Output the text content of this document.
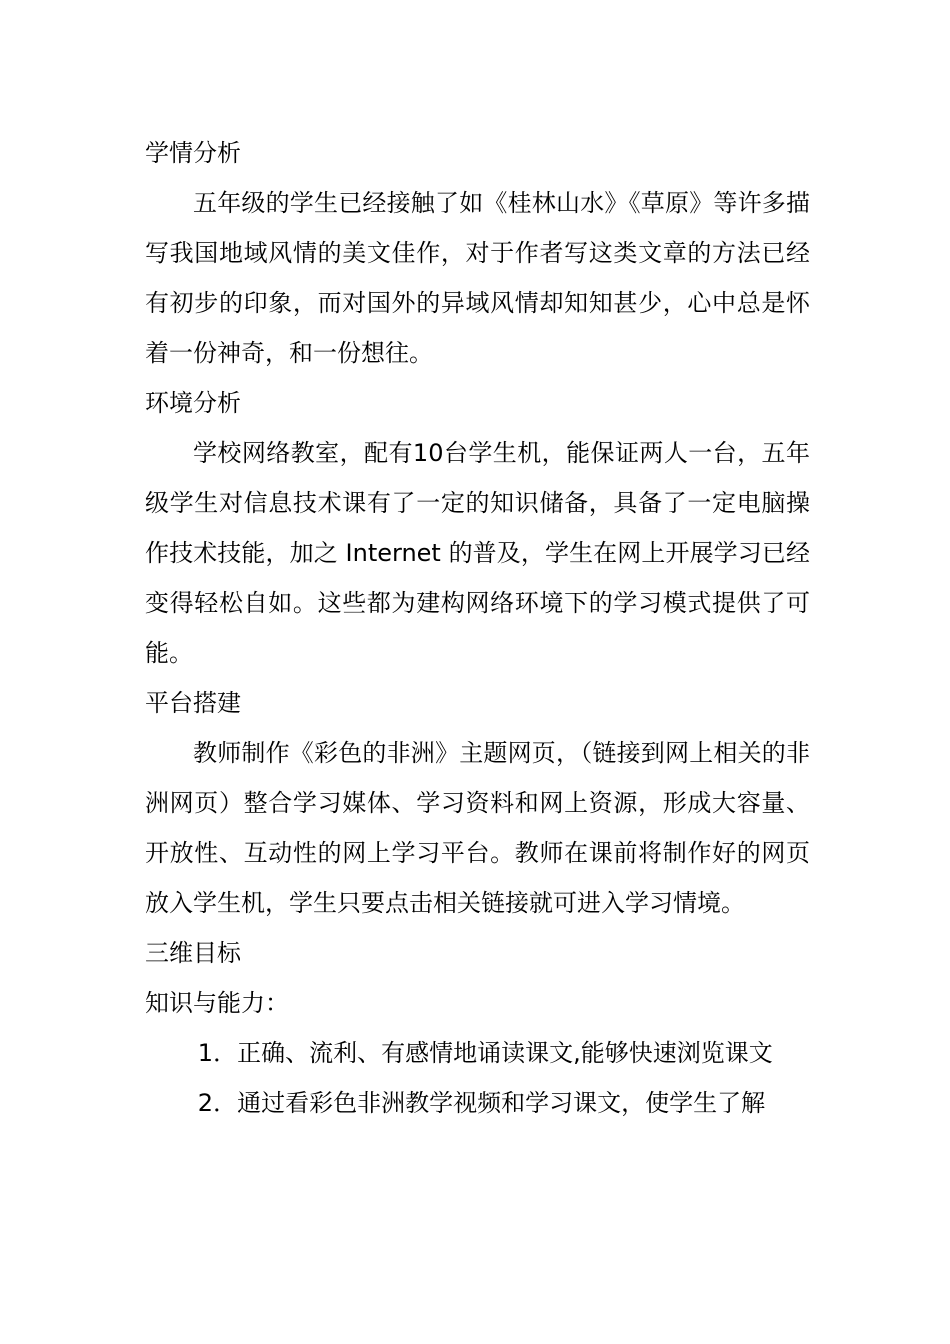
学情分析

五年级的学生已经接触了如《桂林山水》《草原》等许多描写我国地域风情的美文佳作，对于作者写这类文章的方法已经有初步的印象，而对国外的异域风情却知知甚少，心中总是怀着一份神奇，和一份想往。

环境分析

学校网络教室，配有10台学生机，能保证两人一台，五年级学生对信息技术课有了一定的知识储备，具备了一定电脑操作技术技能，加之 Internet 的普及，学生在网上开展学习已经变得轻松自如。这些都为建构网络环境下的学习模式提供了可能。

平台搭建

教师制作《彩色的非洲》主题网页，（链接到网上相关的非洲网页）整合学习媒体、学习资料和网上资源，形成大容量、开放性、互动性的网上学习平台。教师在课前将制作好的网页放入学生机，学生只要点击相关链接就可进入学习情境。

三维目标

知识与能力：

1．正确、流利、有感情地诵读课文,能够快速浏览课文

2．通过看彩色非洲教学视频和学习课文，使学生了解
